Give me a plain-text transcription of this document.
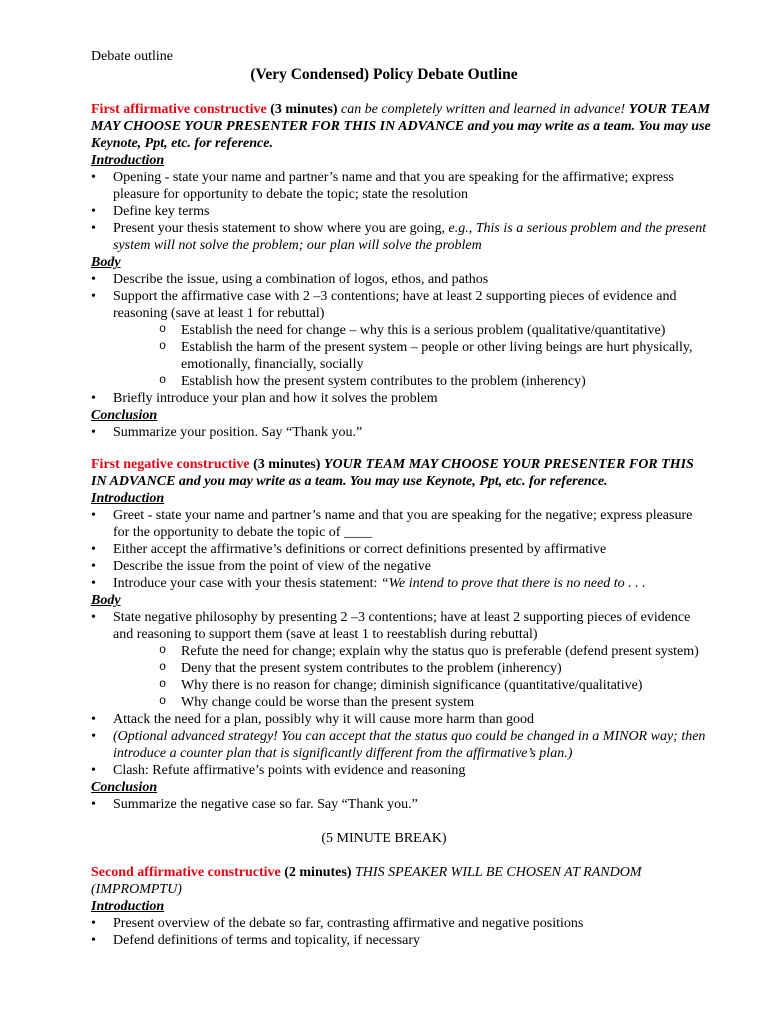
Debate outline
(Very Condensed) Policy Debate Outline

First affirmative constructive (3 minutes) can be completely written and learned in advance! YOUR TEAM MAY CHOOSE YOUR PRESENTER FOR THIS IN ADVANCE and you may write as a team. You may use Keynote, Ppt, etc. for reference.

Introduction

• Opening - state your name and partner’s name and that you are speaking for the affirmative; express pleasure for opportunity to debate the topic; state the resolution
• Define key terms
• Present your thesis statement to show where you are going, e.g., This is a serious problem and the present system will not solve the problem; our plan will solve the problem

Body

• Describe the issue, using a combination of logos, ethos, and pathos
• Support the affirmative case with 2 –3 contentions; have at least 2 supporting pieces of evidence and reasoning (save at least 1 for rebuttal)
o Establish the need for change – why this is a serious problem (qualitative/quantitative)
o Establish the harm of the present system – people or other living beings are hurt physically, emotionally, financially, socially
o Establish how the present system contributes to the problem (inherency)
• Briefly introduce your plan and how it solves the problem

Conclusion

• Summarize your position. Say “Thank you.”

First negative constructive (3 minutes) YOUR TEAM MAY CHOOSE YOUR PRESENTER FOR THIS IN ADVANCE and you may write as a team. You may use Keynote, Ppt, etc. for reference.

Introduction

• Greet - state your name and partner’s name and that you are speaking for the negative; express pleasure for the opportunity to debate the topic of ____
• Either accept the affirmative’s definitions or correct definitions presented by affirmative
• Describe the issue from the point of view of the negative
• Introduce your case with your thesis statement: “We intend to prove that there is no need to . . .

Body

• State negative philosophy by presenting 2 –3 contentions; have at least 2 supporting pieces of evidence and reasoning to support them (save at least 1 to reestablish during rebuttal)
o Refute the need for change; explain why the status quo is preferable (defend present system)
o Deny that the present system contributes to the problem (inherency)
o Why there is no reason for change; diminish significance (quantitative/qualitative)
o Why change could be worse than the present system
• Attack the need for a plan, possibly why it will cause more harm than good
• (Optional advanced strategy! You can accept that the status quo could be changed in a MINOR way; then introduce a counter plan that is significantly different from the affirmative’s plan.)
• Clash: Refute affirmative’s points with evidence and reasoning

Conclusion

• Summarize the negative case so far. Say “Thank you.”
(5 MINUTE BREAK)

Second affirmative constructive (2 minutes) THIS SPEAKER WILL BE CHOSEN AT RANDOM (IMPROMPTU)

Introduction

• Present overview of the debate so far, contrasting affirmative and negative positions
• Defend definitions of terms and topicality, if necessary
